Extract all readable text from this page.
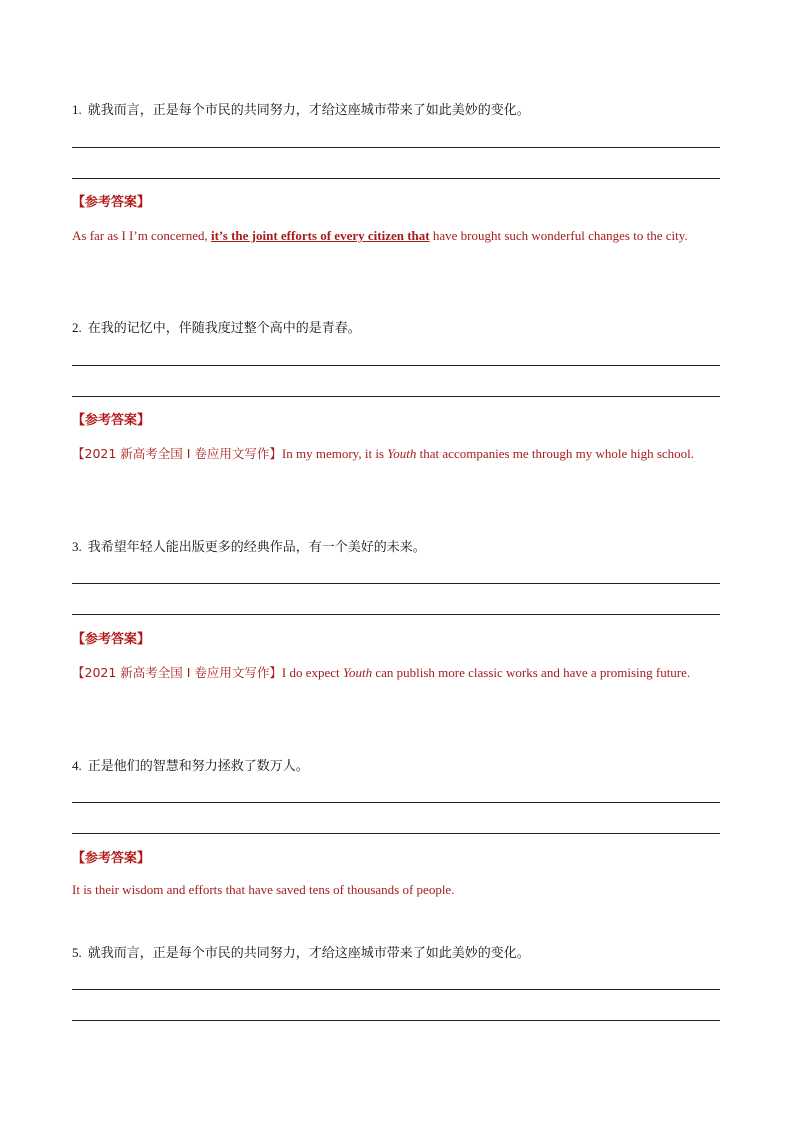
1. 就我而言，正是每个市民的共同努力，才给这座城市带来了如此美妙的变化。
【参考答案】
As far as I I’m concerned, it’s the joint efforts of every citizen that have brought such wonderful changes to the city.
2. 在我的记忆中，伴随我度过整个高中的是青春。
【参考答案】
【2021 新高考全国 I 卷应用文写作】In my memory, it is Youth that accompanies me through my whole high school.
3. 我希望年轻人能出版更多的经典作品，有一个美好的未来。
【参考答案】
【2021 新高考全国 I 卷应用文写作】I do expect Youth can publish more classic works and have a promising future.
4. 正是他们的智慧和努力拯救了数万人。
【参考答案】
It is their wisdom and efforts that have saved tens of thousands of people.
5. 就我而言，正是每个市民的共同努力，才给这座城市带来了如此美妙的变化。
